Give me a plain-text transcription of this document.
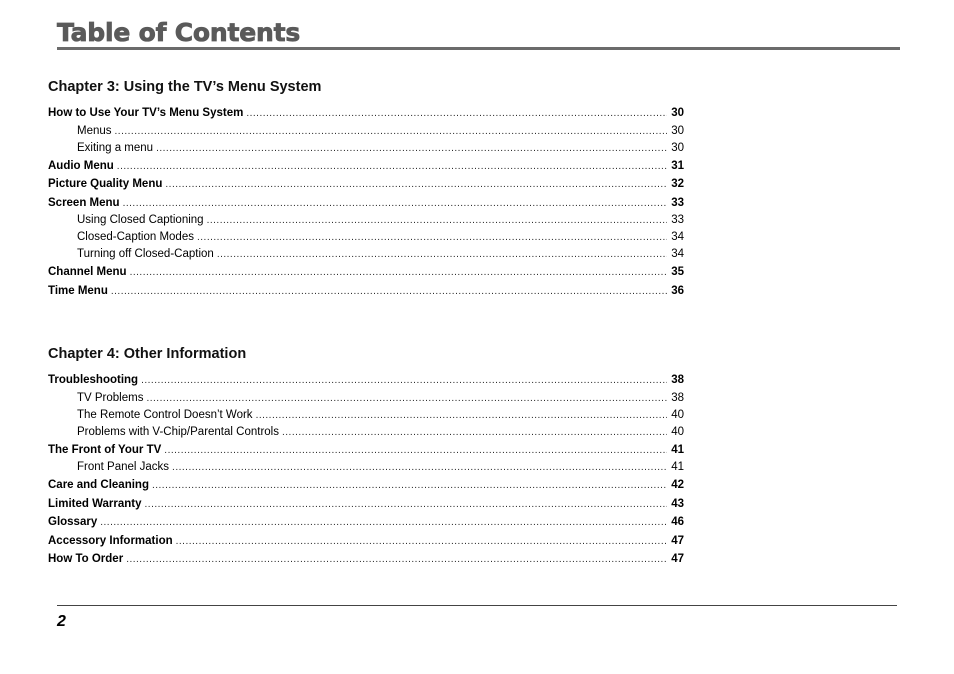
Table of Contents
Chapter 3: Using the TV’s Menu System
How to Use Your TV’s Menu System .....	30
Menus .....	30
Exiting a menu .....	30
Audio Menu .....	31
Picture Quality Menu .....	32
Screen Menu .....	33
Using Closed Captioning .....	33
Closed-Caption Modes .....	34
Turning off Closed-Caption .....	34
Channel Menu .....	35
Time Menu .....	36
Chapter 4: Other Information
Troubleshooting .....	38
TV Problems .....	38
The Remote Control Doesn’t Work .....	40
Problems with V-Chip/Parental Controls .....	40
The Front of Your TV .....	41
Front Panel Jacks .....	41
Care and Cleaning .....	42
Limited Warranty .....	43
Glossary .....	46
Accessory Information .....	47
How To Order .....	47
2
